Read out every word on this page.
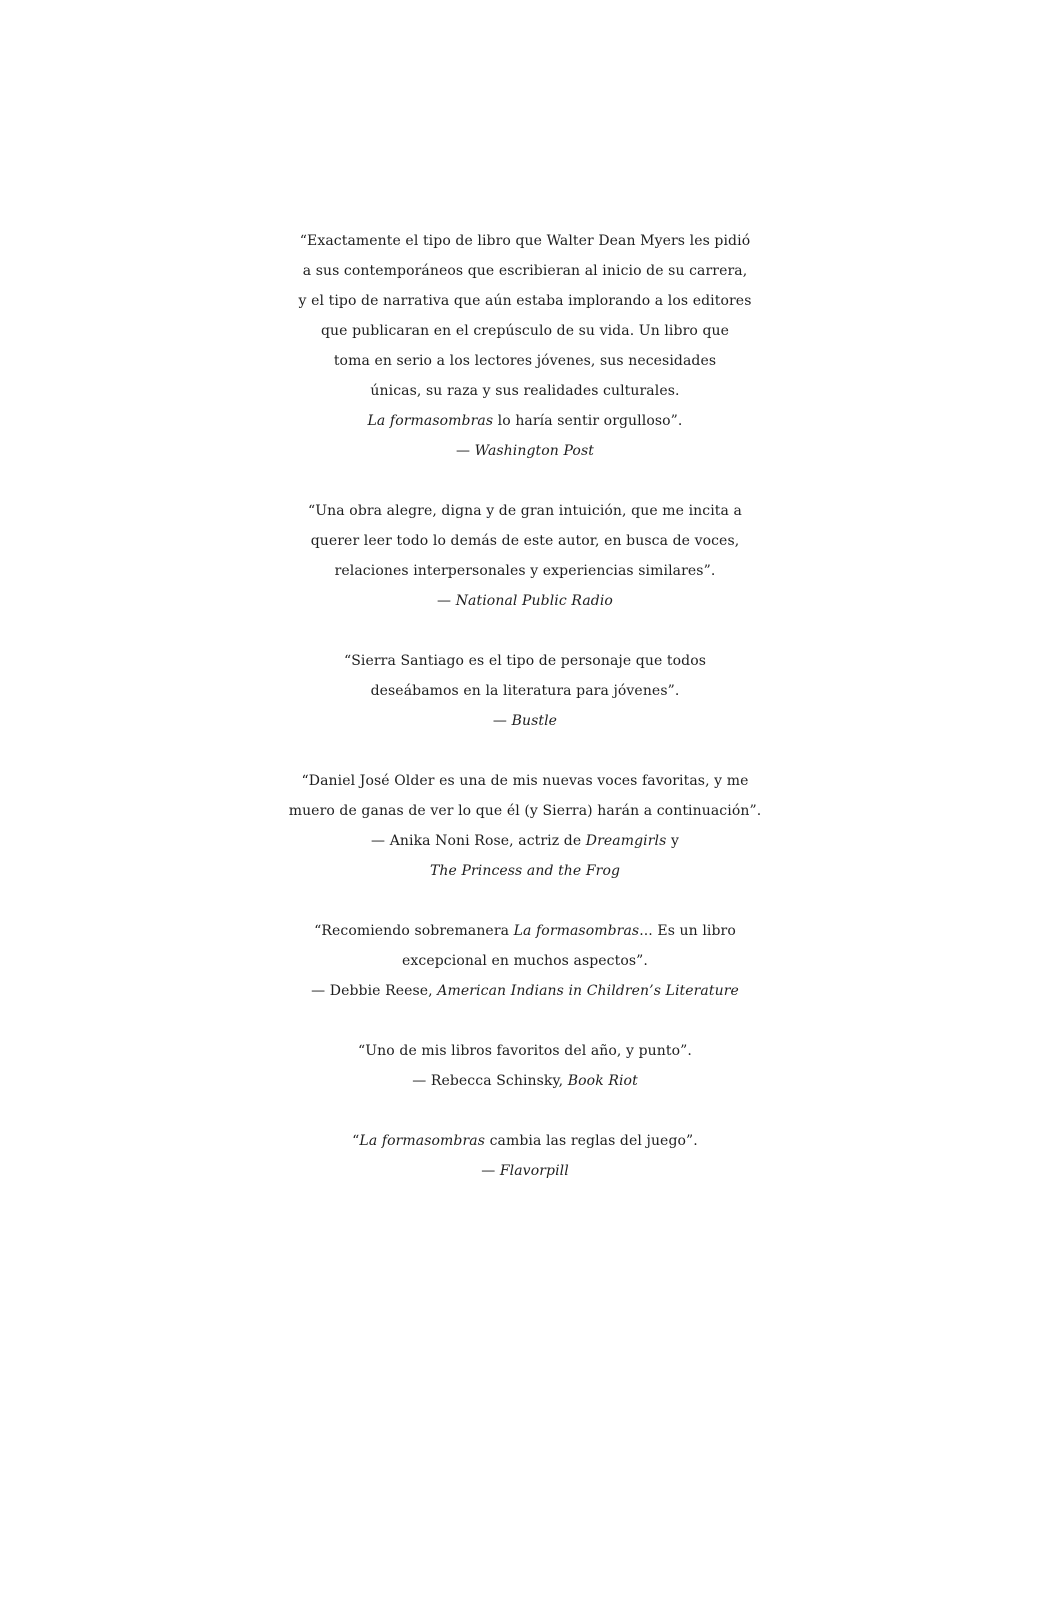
“Exactamente el tipo de libro que Walter Dean Myers les pidió
a sus contemporáneos que escribieran al inicio de su carrera,
y el tipo de narrativa que aún estaba implorando a los editores
que publicaran en el crepúsculo de su vida. Un libro que
toma en serio a los lectores jóvenes, sus necesidades
únicas, su raza y sus realidades culturales.
La formasombras lo haría sentir orgulloso”.
— Washington Post
“Una obra alegre, digna y de gran intuición, que me incita a
querer leer todo lo demás de este autor, en busca de voces,
relaciones interpersonales y experiencias similares”.
— National Public Radio
“Sierra Santiago es el tipo de personaje que todos
deseábamos en la literatura para jóvenes”.
— Bustle
“Daniel José Older es una de mis nuevas voces favoritas, y me
muero de ganas de ver lo que él (y Sierra) harán a continuación”.
— Anika Noni Rose, actriz de Dreamgirls y
The Princess and the Frog
“Recomiendo sobremanera La formasombras... Es un libro
excepcional en muchos aspectos”.
— Debbie Reese, American Indians in Children’s Literature
“Uno de mis libros favoritos del año, y punto”.
— Rebecca Schinsky, Book Riot
“La formasombras cambia las reglas del juego”.
— Flavorpill
